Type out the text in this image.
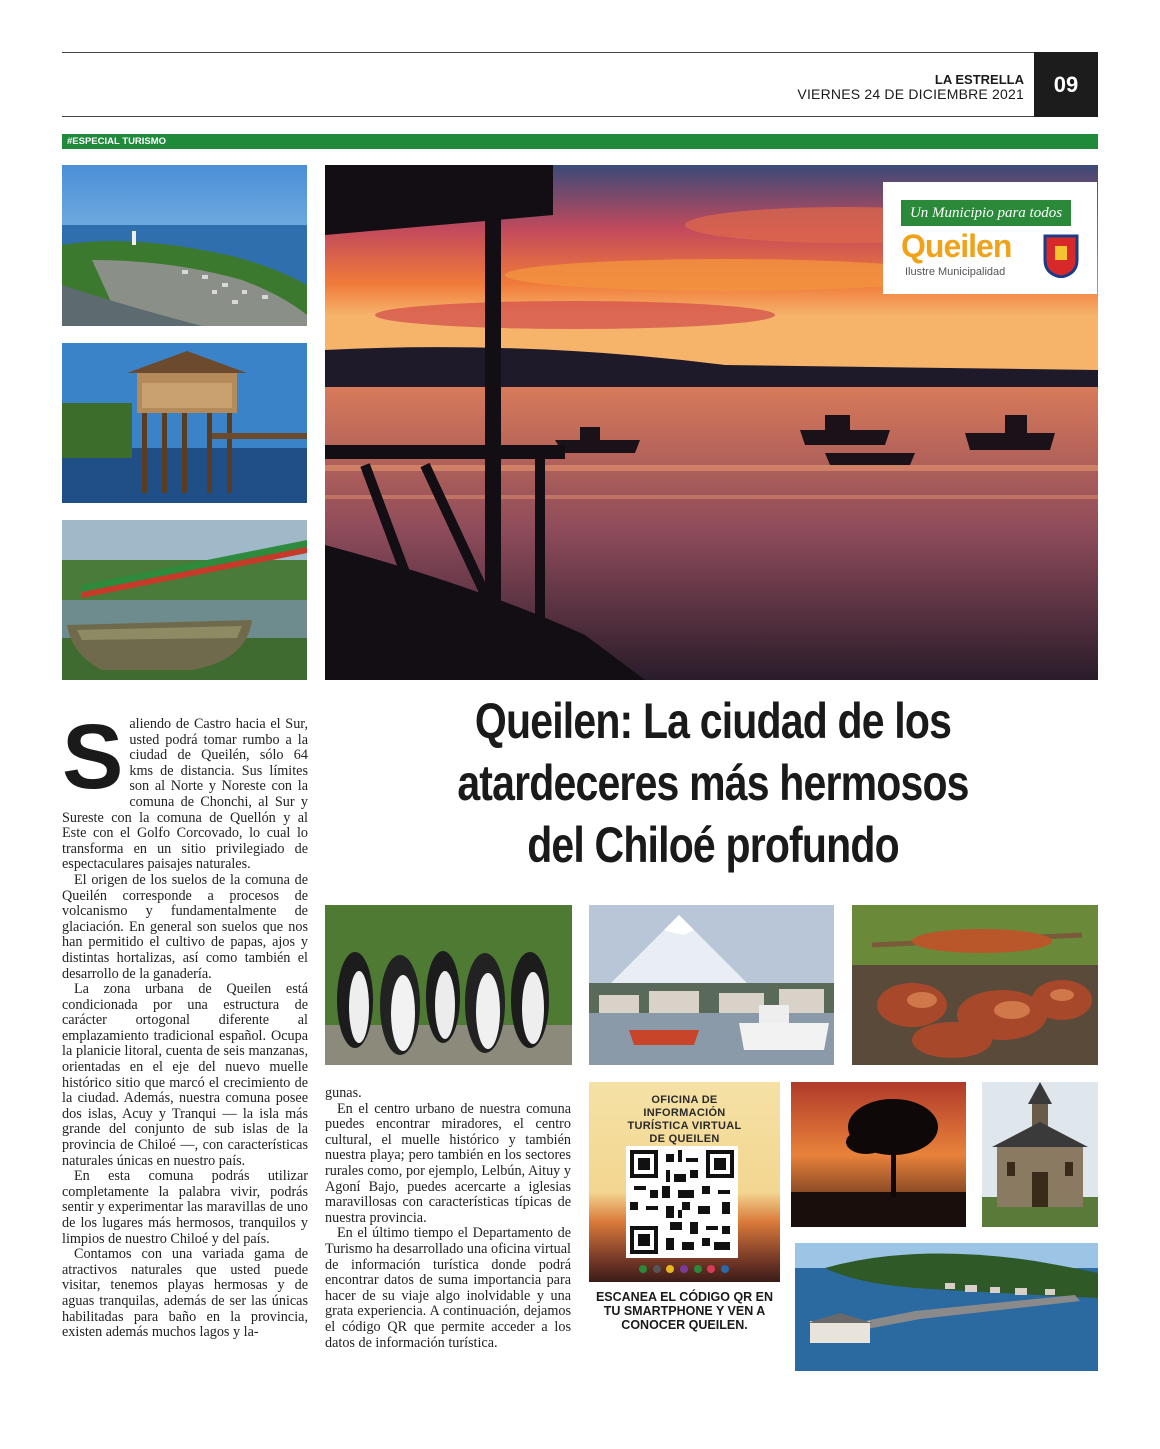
LA ESTRELLA
VIERNES 24 DE DICIEMBRE 2021	09
#ESPECIAL TURISMO
Un Municipio para todos
Queilen
Ilustre Municipalidad
Queilen: La ciudad de los
atardeceres más hermosos
del Chiloé profundo
S aliendo de Castro hacia el Sur, usted podrá tomar rumbo a la ciudad de Queilén, sólo 64 kms de distancia. Sus límites son al Norte y Noreste con la comuna de Chonchi, al Sur y Sureste con la comuna de Quellón y al Este con el Golfo Corcovado, lo cual lo transforma en un sitio privilegiado de espectaculares paisajes naturales.

El origen de los suelos de la comuna de Queilén corresponde a procesos de volcanismo y fundamentalmente de glaciación. En general son suelos que nos han permitido el cultivo de papas, ajos y distintas hortalizas, así como también el desarrollo de la ganadería.

La zona urbana de Queilen está condicionada por una estructura de carácter ortogonal diferente al emplazamiento tradicional español. Ocupa la planicie litoral, cuenta de seis manzanas, orientadas en el eje del nuevo muelle histórico sitio que marcó el crecimiento de la ciudad. Además, nuestra comuna posee dos islas, Acuy y Tranqui — la isla más grande del conjunto de sub islas de la provincia de Chiloé —, con características naturales únicas en nuestro país.

En esta comuna podrás utilizar completamente la palabra vivir, podrás sentir y experimentar las maravillas de uno de los lugares más hermosos, tranquilos y limpios de nuestro Chiloé y del país.

Contamos con una variada gama de atractivos naturales que usted puede visitar, tenemos playas hermosas y de aguas tranquilas, además de ser las únicas habilitadas para baño en la provincia, existen además muchos lagos y la-

gunas.

En el centro urbano de nuestra comuna puedes encontrar miradores, el centro cultural, el muelle histórico y también nuestra playa; pero también en los sectores rurales como, por ejemplo, Lelbún, Aituy y Agoní Bajo, puedes acercarte a iglesias maravillosas con características típicas de nuestra provincia.

En el último tiempo el Departamento de Turismo ha desarrollado una oficina virtual de información turística donde podrá encontrar datos de suma importancia para hacer de su viaje algo inolvidable y una grata experiencia. A continuación, dejamos el código QR que permite acceder a los datos de información turística.

OFICINA DE INFORMACIÓN TURÍSTICA VIRTUAL DE QUEILEN
ESCANEA EL CÓDIGO QR EN TU SMARTPHONE Y VEN A CONOCER QUEILEN.
